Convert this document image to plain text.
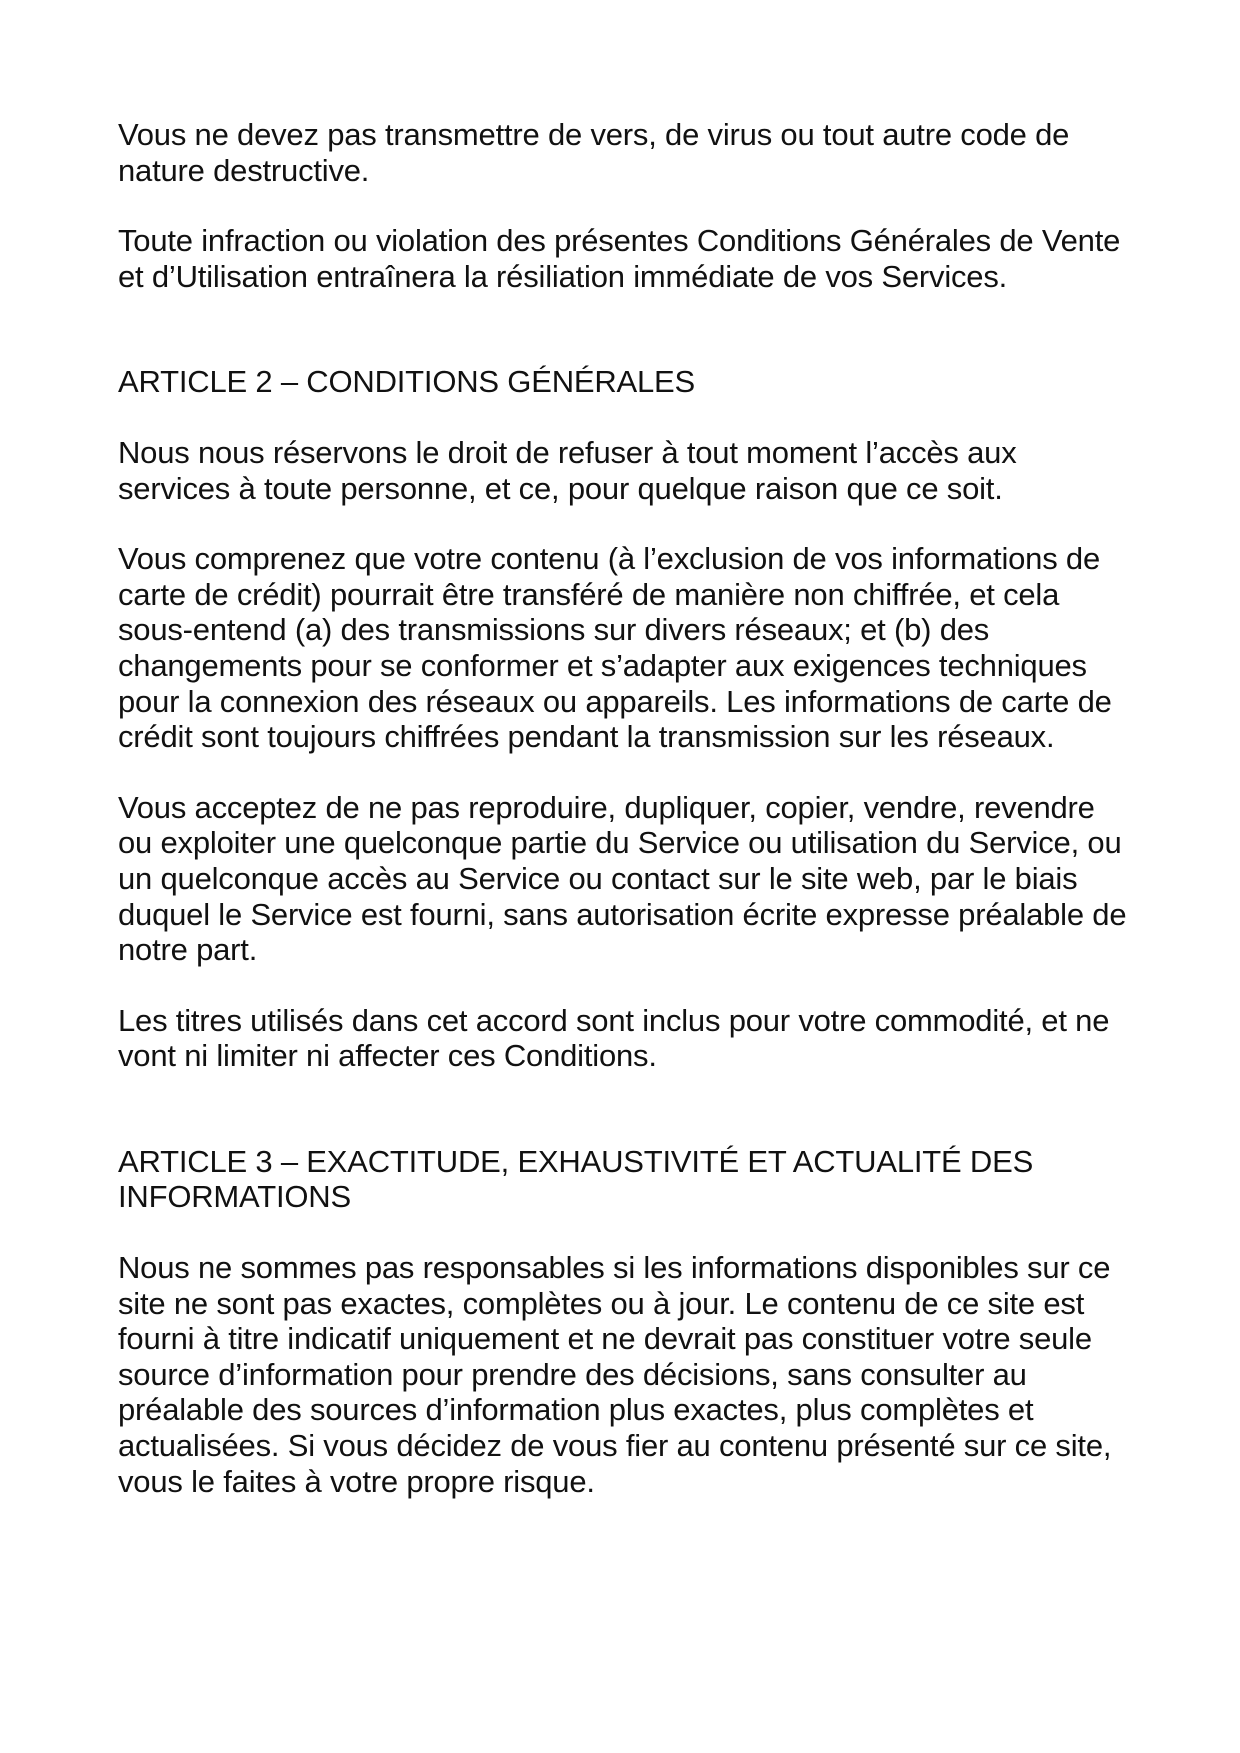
Vous ne devez pas transmettre de vers, de virus ou tout autre code de nature destructive.

Toute infraction ou violation des présentes Conditions Générales de Vente et d’Utilisation entraînera la résiliation immédiate de vos Services.

ARTICLE 2 – CONDITIONS GÉNÉRALES

Nous nous réservons le droit de refuser à tout moment l’accès aux services à toute personne, et ce, pour quelque raison que ce soit.

Vous comprenez que votre contenu (à l’exclusion de vos informations de carte de crédit) pourrait être transféré de manière non chiffrée, et cela sous-entend (a) des transmissions sur divers réseaux; et (b) des changements pour se conformer et s’adapter aux exigences techniques pour la connexion des réseaux ou appareils. Les informations de carte de crédit sont toujours chiffrées pendant la transmission sur les réseaux.

Vous acceptez de ne pas reproduire, dupliquer, copier, vendre, revendre ou exploiter une quelconque partie du Service ou utilisation du Service, ou un quelconque accès au Service ou contact sur le site web, par le biais duquel le Service est fourni, sans autorisation écrite expresse préalable de notre part.

Les titres utilisés dans cet accord sont inclus pour votre commodité, et ne vont ni limiter ni affecter ces Conditions.

ARTICLE 3 – EXACTITUDE, EXHAUSTIVITÉ ET ACTUALITÉ DES INFORMATIONS

Nous ne sommes pas responsables si les informations disponibles sur ce site ne sont pas exactes, complètes ou à jour. Le contenu de ce site est fourni à titre indicatif uniquement et ne devrait pas constituer votre seule source d’information pour prendre des décisions, sans consulter au préalable des sources d’information plus exactes, plus complètes et actualisées. Si vous décidez de vous fier au contenu présenté sur ce site, vous le faites à votre propre risque.
